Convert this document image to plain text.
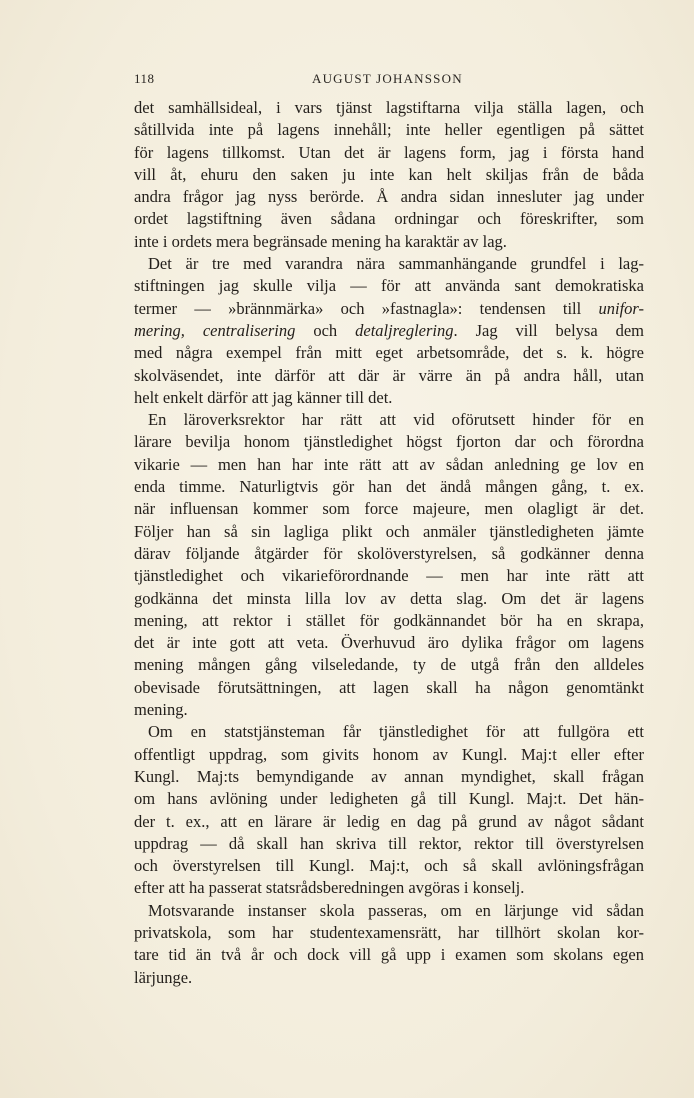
118	AUGUST JOHANSSON
det samhällsideal, i vars tjänst lagstiftarna vilja ställa lagen, och
såtillvida inte på lagens innehåll; inte heller egentligen på sättet
för lagens tillkomst. Utan det är lagens form, jag i första hand
vill åt, ehuru den saken ju inte kan helt skiljas från de båda
andra frågor jag nyss berörde. Å andra sidan innesluter jag under
ordet lagstiftning även sådana ordningar och föreskrifter, som
inte i ordets mera begränsade mening ha karaktär av lag.
Det är tre med varandra nära sammanhängande grundfel i lag-
stiftningen jag skulle vilja — för att använda sant demokratiska
termer — »brännmärka» och »fastnagla»: tendensen till unifor-
mering, centralisering och detaljreglering. Jag vill belysa dem
med några exempel från mitt eget arbetsområde, det s. k. högre
skolväsendet, inte därför att där är värre än på andra håll, utan
helt enkelt därför att jag känner till det.
En läroverksrektor har rätt att vid oförutsett hinder för en
lärare bevilja honom tjänstledighet högst fjorton dar och förordna
vikarie — men han har inte rätt att av sådan anledning ge lov en
enda timme. Naturligtvis gör han det ändå mången gång, t. ex.
när influensan kommer som force majeure, men olagligt är det.
Följer han så sin lagliga plikt och anmäler tjänstledigheten jämte
därav följande åtgärder för skolöverstyrelsen, så godkänner denna
tjänstledighet och vikarieförordnande — men har inte rätt att
godkänna det minsta lilla lov av detta slag. Om det är lagens
mening, att rektor i stället för godkännandet bör ha en skrapa,
det är inte gott att veta. Överhuvud äro dylika frågor om lagens
mening mången gång vilseledande, ty de utgå från den alldeles
obevisade förutsättningen, att lagen skall ha någon genomtänkt
mening.
Om en statstjänsteman får tjänstledighet för att fullgöra ett
offentligt uppdrag, som givits honom av Kungl. Maj:t eller efter
Kungl. Maj:ts bemyndigande av annan myndighet, skall frågan
om hans avlöning under ledigheten gå till Kungl. Maj:t. Det hän-
der t. ex., att en lärare är ledig en dag på grund av något sådant
uppdrag — då skall han skriva till rektor, rektor till överstyrelsen
och överstyrelsen till Kungl. Maj:t, och så skall avlöningsfrågan
efter att ha passerat statsrådsberedningen avgöras i konselj.
Motsvarande instanser skola passeras, om en lärjunge vid sådan
privatskola, som har studentexamensrätt, har tillhört skolan kor-
tare tid än två år och dock vill gå upp i examen som skolans egen
lärjunge.
